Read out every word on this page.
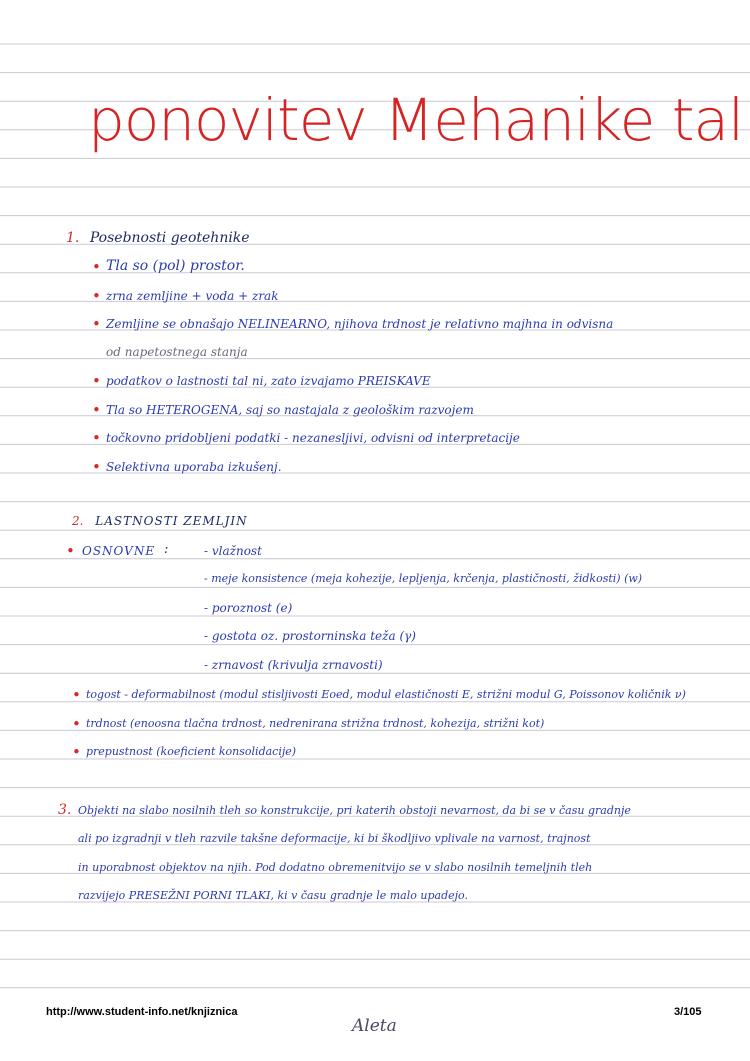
ponovitev Mehanike tal
1. Posebnosti geotehnike
• Tla so (pol) prostor.
• zrna zemljine + voda + zrak
• Zemljine se obnašajo NELINEARNO, njihova trdnost je relativno majhna in odvisna
od napetostnega stanja
• podatkov o lastnosti tal ni, zato izvajamo PREISKAVE
• Tla so HETEROGENA, saj so nastajala z geološkim razvojem
• točkovno pridobljeni podatki - nezanesljivi, odvisni od interpretacije
• Selektivna uporaba izkušenj.
2. LASTNOSTI ZEMLJIN
• OSNOVNE :	- vlažnost
- meje konsistence (meja kohezije, lepljenja, krčenja, plastičnosti, židkosti) (w)
- poroznost (e)
- gostota oz. prostorninska teža (γ)
- zrnavost (krivulja zrnavosti)
• togost - deformabilnost (modul stisljivosti Eoed, modul elastičnosti E, strižni modul G, Poissonov količnik ν)
• trdnost (enoosna tlačna trdnost, nedrenirana strižna trdnost, kohezija, strižni kot)
• prepustnost (koeficient konsolidacije)
3. Objekti na slabo nosilnih tleh so konstrukcije, pri katerih obstoji nevarnost, da bi se v času gradnje
ali po izgradnji v tleh razvile takšne deformacije, ki bi škodljivo vplivale na varnost, trajnost
in uporabnost objektov na njih. Pod dodatno obremenitvijo se v slabo nosilnih temeljnih tleh
razvijejo PRESEŽNI PORNI TLAKI, ki v času gradnje le malo upadejo.
http://www.student-info.net/knjiznica	3/105
Aleta
